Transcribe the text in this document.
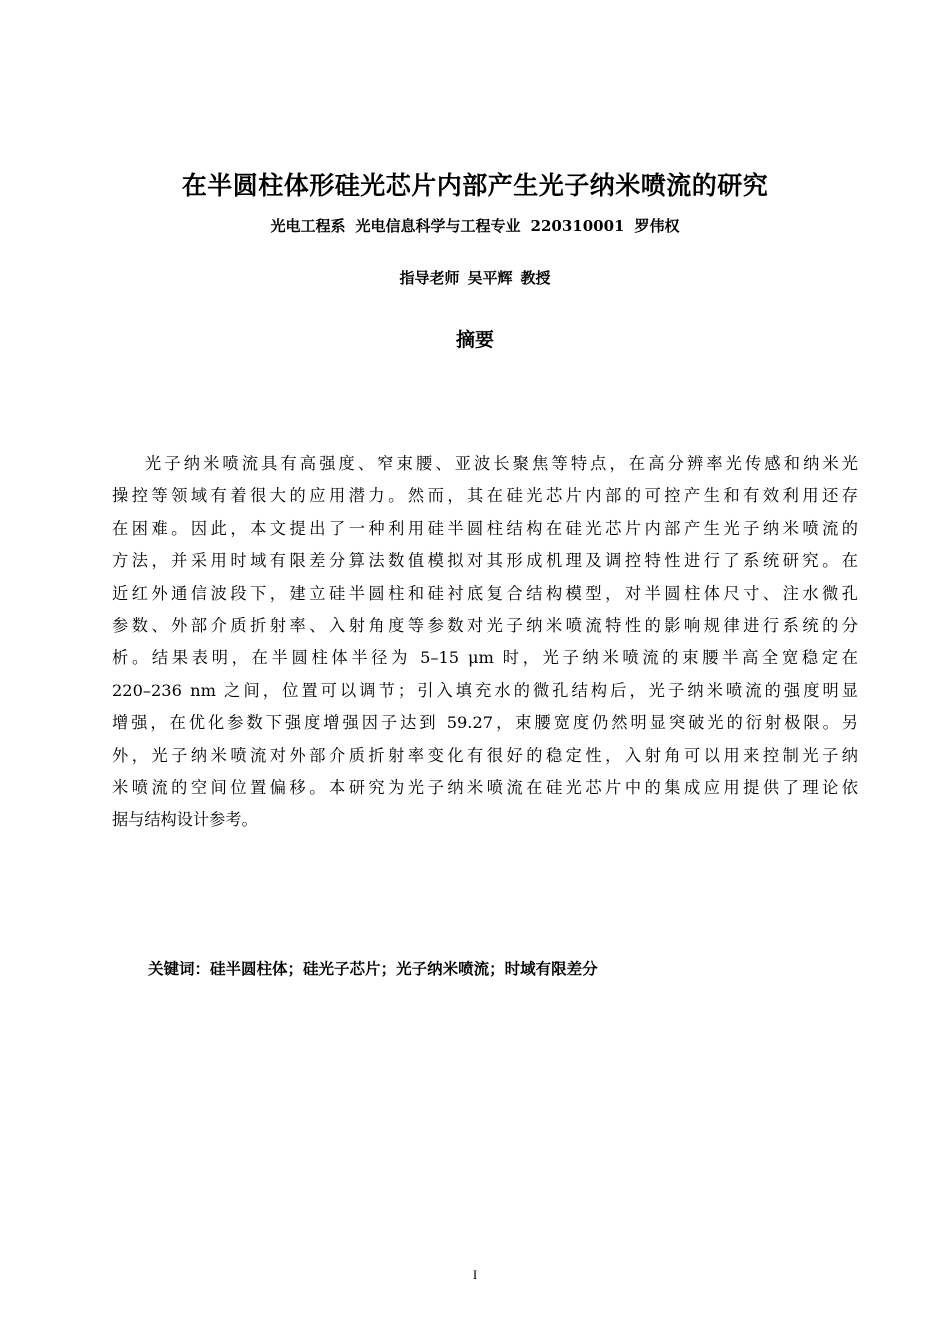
在半圆柱体形硅光芯片内部产生光子纳米喷流的研究
光电工程系 光电信息科学与工程专业 220310001 罗伟权
指导老师 吴平辉 教授
摘要
光子纳米喷流具有高强度、窄束腰、亚波长聚焦等特点，在高分辨率光传感和纳米光
操控等领域有着很大的应用潜力。然而，其在硅光芯片内部的可控产生和有效利用还存
在困难。因此，本文提出了一种利用硅半圆柱结构在硅光芯片内部产生光子纳米喷流的
方法，并采用时域有限差分算法数值模拟对其形成机理及调控特性进行了系统研究。在
近红外通信波段下，建立硅半圆柱和硅衬底复合结构模型，对半圆柱体尺寸、注水微孔
参数、外部介质折射率、入射角度等参数对光子纳米喷流特性的影响规律进行系统的分
析。结果表明，在半圆柱体半径为 5–15 μm 时，光子纳米喷流的束腰半高全宽稳定在
220–236 nm 之间，位置可以调节；引入填充水的微孔结构后，光子纳米喷流的强度明显
增强，在优化参数下强度增强因子达到 59.27，束腰宽度仍然明显突破光的衍射极限。另
外，光子纳米喷流对外部介质折射率变化有很好的稳定性，入射角可以用来控制光子纳
米喷流的空间位置偏移。本研究为光子纳米喷流在硅光芯片中的集成应用提供了理论依
据与结构设计参考。
关键词：硅半圆柱体；硅光子芯片；光子纳米喷流；时域有限差分
I
